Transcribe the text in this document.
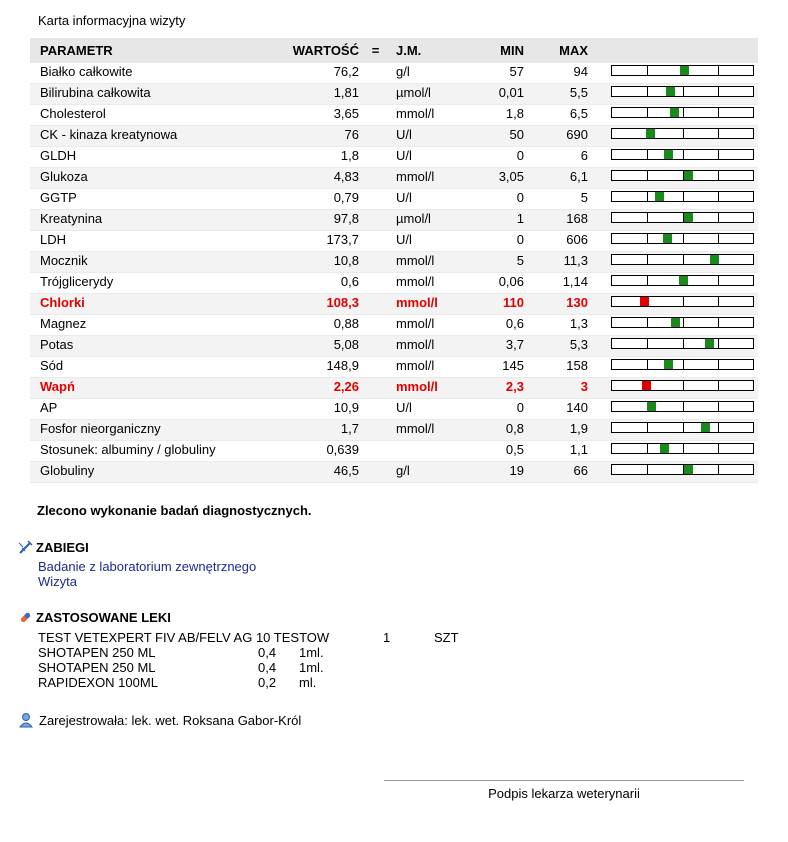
Karta informacyjna wizyty
PARAMETR	WARTOŚĆ	=	J.M.	MIN	MAX	
Białko całkowite	76,2		g/l	57	94	

Bilirubina całkowita	1,81		µmol/l	0,01	5,5	

Cholesterol	3,65		mmol/l	1,8	6,5	

CK - kinaza kreatynowa	76		U/l	50	690	

GLDH	1,8		U/l	0	6	

Glukoza	4,83		mmol/l	3,05	6,1	

GGTP	0,79		U/l	0	5	

Kreatynina	97,8		µmol/l	1	168	

LDH	173,7		U/l	0	606	

Mocznik	10,8		mmol/l	5	11,3	

Trójglicerydy	0,6		mmol/l	0,06	1,14	

Chlorki	108,3		mmol/l	110	130	

Magnez	0,88		mmol/l	0,6	1,3	

Potas	5,08		mmol/l	3,7	5,3	

Sód	148,9		mmol/l	145	158	

Wapń	2,26		mmol/l	2,3	3	

AP	10,9		U/l	0	140	

Fosfor nieorganiczny	1,7		mmol/l	0,8	1,9	

Stosunek: albuminy / globuliny	0,639			0,5	1,1	

Globuliny	46,5		g/l	19	66	
Zlecono wykonanie badań diagnostycznych.
ZABIEGI
Badanie z laboratorium zewnętrznego
Wizyta
ZASTOSOWANE LEKI
TEST VETEXPERT FIV AB/FELV AG 10 TESTOW	1	SZT
SHOTAPEN 250 ML	0,4 1ml.
SHOTAPEN 250 ML	0,4 1ml.
RAPIDEXON 100ML	0,2 ml.
Zarejestrowała: lek. wet. Roksana Gabor-Król
Podpis lekarza weterynarii
